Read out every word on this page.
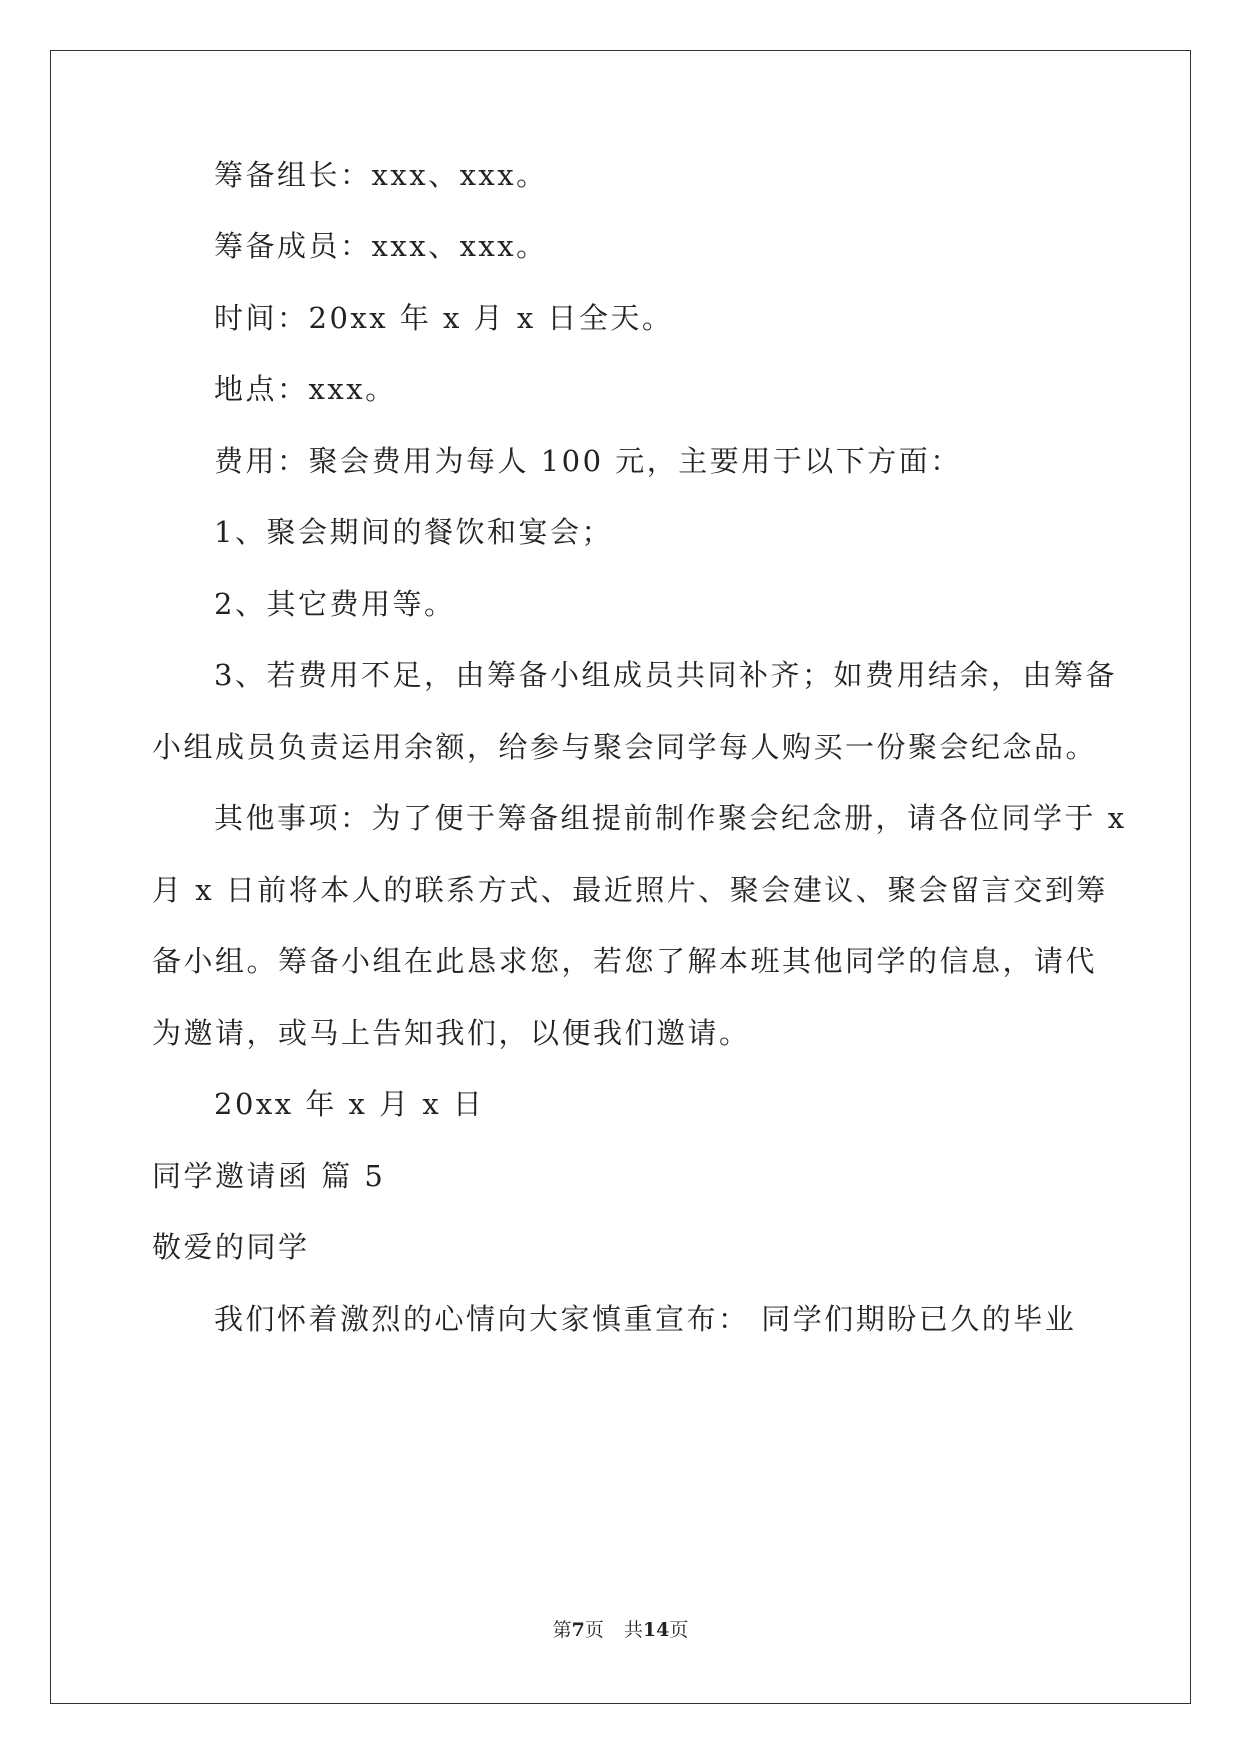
筹备组长：xxx、xxx。
筹备成员：xxx、xxx。
时间：20xx 年 x 月 x 日全天。
地点：xxx。
费用：聚会费用为每人 100 元，主要用于以下方面：
1、聚会期间的餐饮和宴会；
2、其它费用等。
3、若费用不足，由筹备小组成员共同补齐；如费用结余，由筹备
小组成员负责运用余额，给参与聚会同学每人购买一份聚会纪念品。
其他事项：为了便于筹备组提前制作聚会纪念册，请各位同学于 x
月 x 日前将本人的联系方式、最近照片、聚会建议、聚会留言交到筹
备小组。筹备小组在此恳求您，若您了解本班其他同学的信息，请代
为邀请，或马上告知我们，以便我们邀请。
20xx 年 x 月 x 日
同学邀请函 篇 5
敬爱的同学
我们怀着激烈的心情向大家慎重宣布： 同学们期盼已久的毕业
第7页 共14页
